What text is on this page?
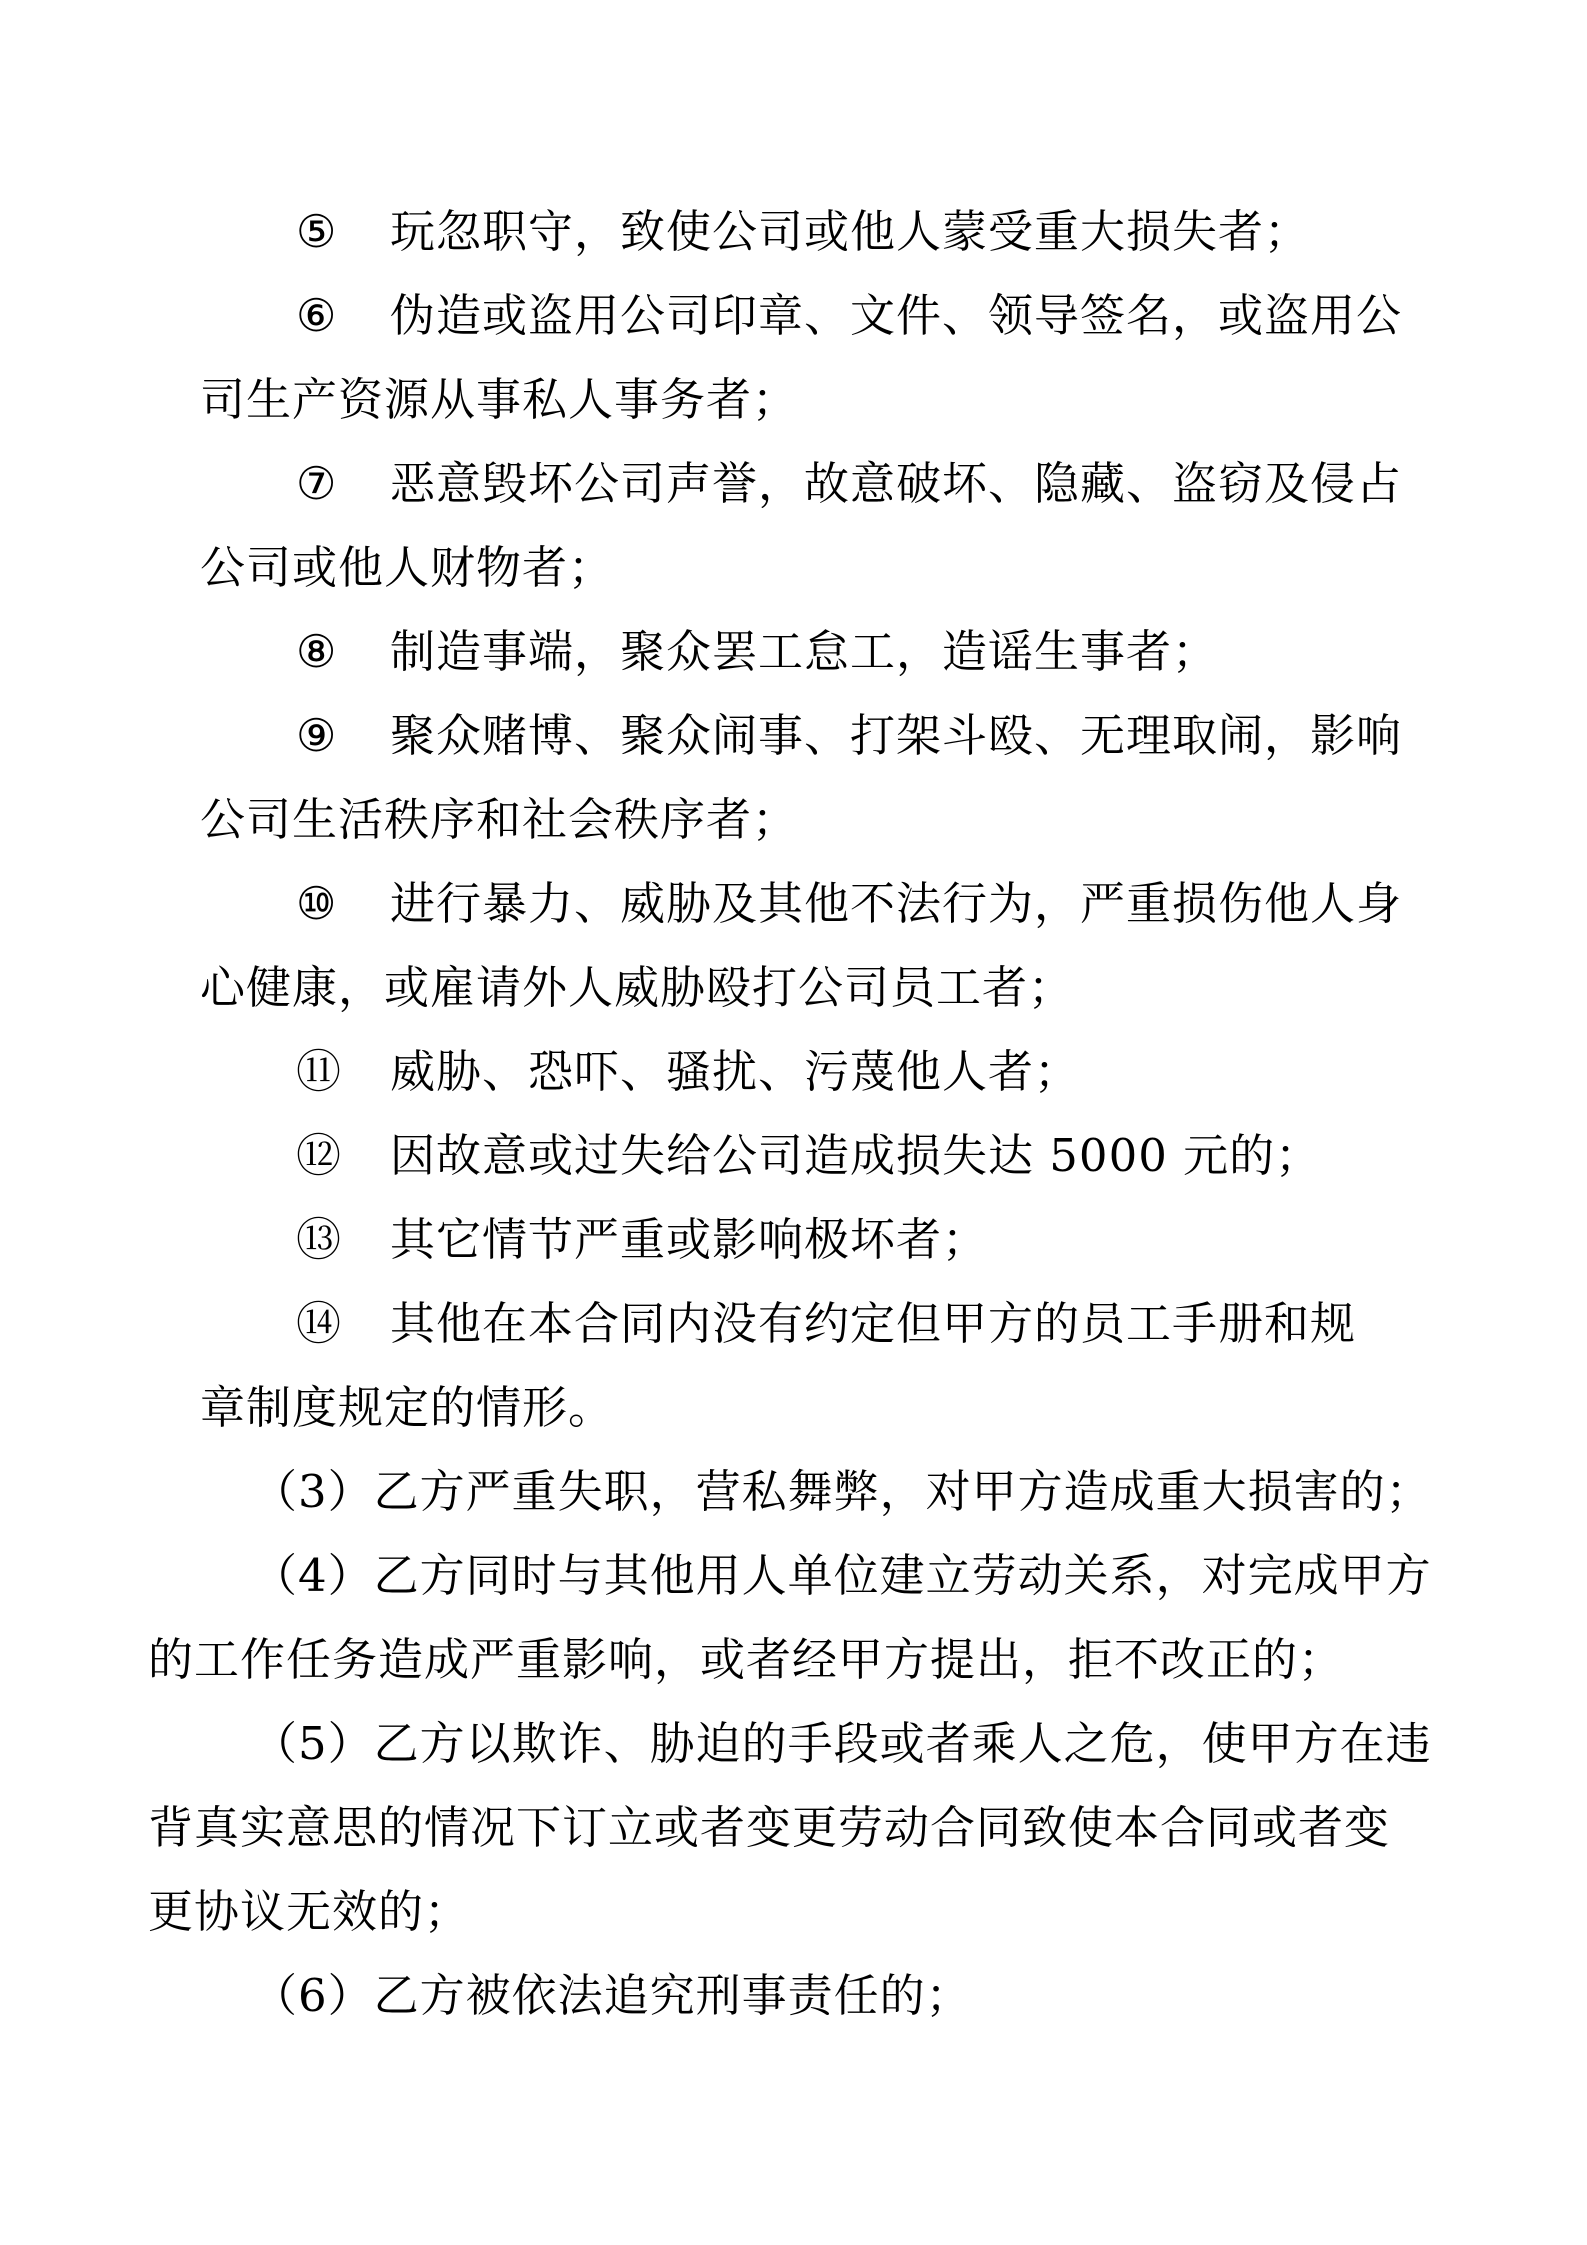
⑤ 玩忽职守，致使公司或他人蒙受重大损失者；
⑥ 伪造或盗用公司印章、文件、领导签名，或盗用公
司生产资源从事私人事务者；
⑦ 恶意毁坏公司声誉，故意破坏、隐藏、盗窃及侵占
公司或他人财物者；
⑧ 制造事端，聚众罢工怠工，造谣生事者；
⑨ 聚众赌博、聚众闹事、打架斗殴、无理取闹，影响
公司生活秩序和社会秩序者；
⑩ 进行暴力、威胁及其他不法行为，严重损伤他人身
心健康，或雇请外人威胁殴打公司员工者；
⑪ 威胁、恐吓、骚扰、污蔑他人者；
⑫ 因故意或过失给公司造成损失达 5000 元的；
⑬ 其它情节严重或影响极坏者；
⑭ 其他在本合同内没有约定但甲方的员工手册和规
章制度规定的情形。
（3）乙方严重失职，营私舞弊，对甲方造成重大损害的；
（4）乙方同时与其他用人单位建立劳动关系，对完成甲方
的工作任务造成严重影响，或者经甲方提出，拒不改正的；
（5）乙方以欺诈、胁迫的手段或者乘人之危，使甲方在违
背真实意思的情况下订立或者变更劳动合同致使本合同或者变
更协议无效的；
（6）乙方被依法追究刑事责任的；
